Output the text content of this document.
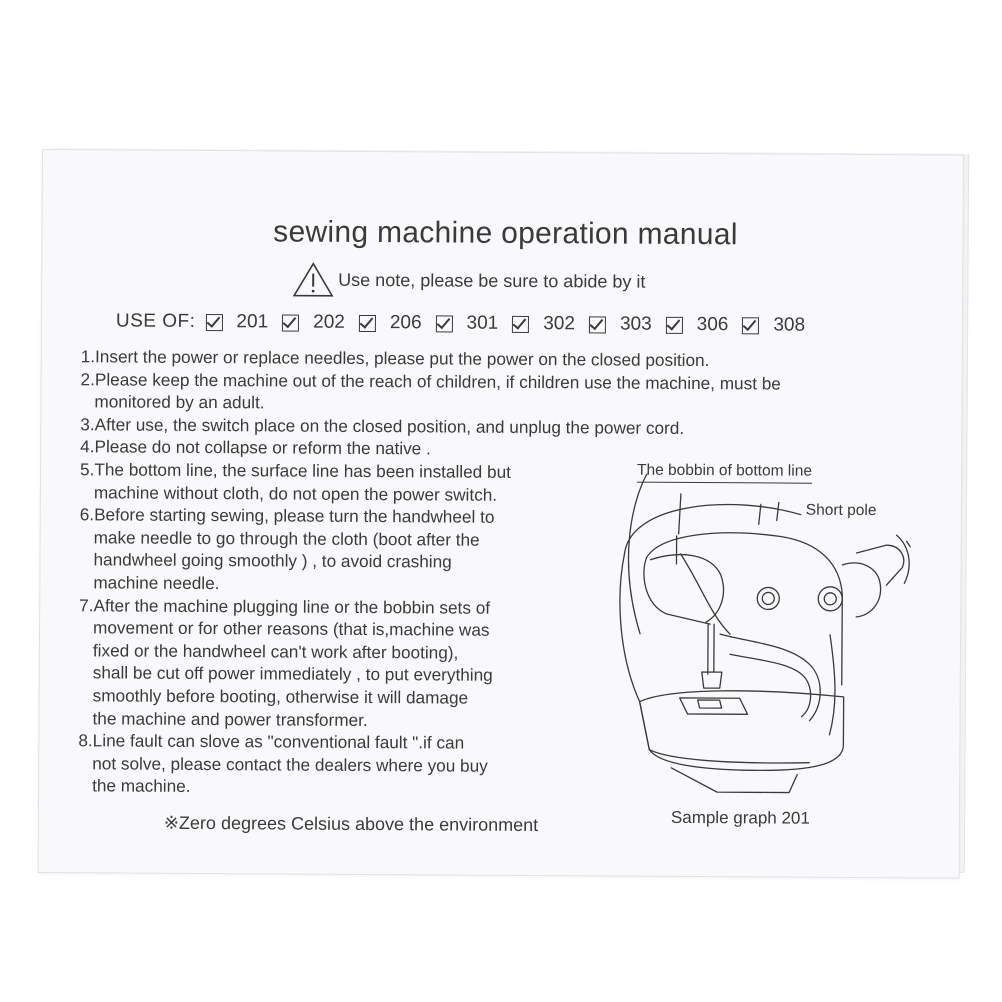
sewing machine operation manual
Use note, please be sure to abide by it
USE OF: 201 202 206 301 302 303 306 308
1.Insert the power or replace needles, please put the power on the closed position.
2.Please keep the machine out of the reach of children, if children use the machine, must be
monitored by an adult.
3.After use, the switch place on the closed position, and unplug the power cord.
4.Please do not collapse or reform the native .
5.The bottom line, the surface line has been installed but
machine without cloth, do not open the power switch.
6.Before starting sewing, please turn the handwheel to
make needle to go through the cloth (boot after the
handwheel going smoothly ) , to avoid crashing
machine needle.
7.After the machine plugging line or the bobbin sets of
movement or for other reasons (that is,machine was
fixed or the handwheel can't work after booting),
shall be cut off power immediately , to put everything
smoothly before booting, otherwise it will damage
the machine and power transformer.
8.Line fault can slove as "conventional fault ".if can
not solve, please contact the dealers where you buy
the machine.
※Zero degrees Celsius above the environment
The bobbin of bottom line
Short pole
Sample graph 201
